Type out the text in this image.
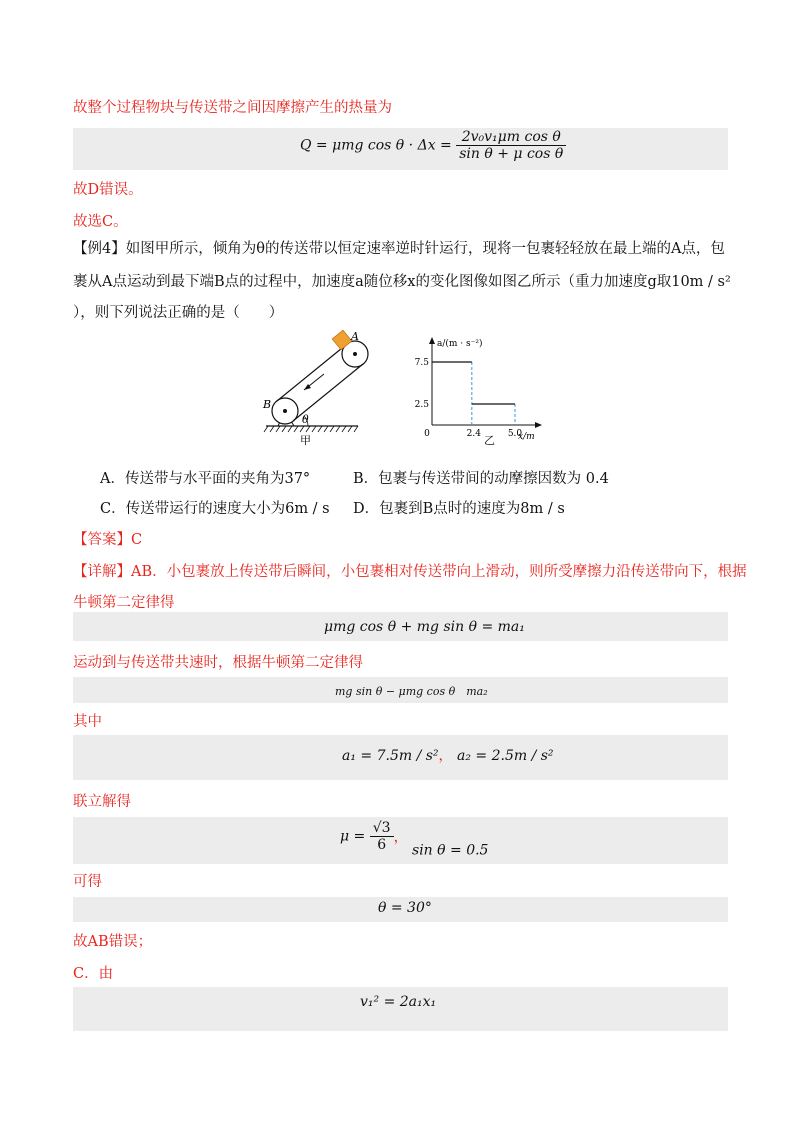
故整个过程物块与传送带之间因摩擦产生的热量为
Q = μmg $\cos \theta \cdot \Delta x = \frac{\text{2v₀v₁μm cos θ}}{\text{sin θ + μ cos θ}}$
故D错误。
故选C。
【例4】如图甲所示，倾角为θ的传送带以恒定速率逆时针运行，现将一包裹轻轻放在最上端的A点，包
裹从A点运动到最下端B点的过程中，加速度a随位移x的变化图像如图乙所示（重力加速度g取10m / s²
），则下列说法正确的是（　　）
A
B
θ
甲
a/(m · s⁻²)
x/m
7.5
2.5
0	2.4	5.0
乙
A．传送带与水平面的夹角为37°	B．包裹与传送带间的动摩擦因数为 0.4
C．传送带运行的速度大小为6m / s D．包裹到B点时的速度为8m / s
【答案】C
【详解】AB．小包裹放上传送带后瞬间，小包裹相对传送带向上滑动，则所受摩擦力沿传送带向下，根据
牛顿第二定律得
μmg cos θ + mg sin θ = ma₁
运动到与传送带共速时，根据牛顿第二定律得
mg sin θ − μmg cos θ　ma₂
其中
a₁ = 7.5m / s²， a₂ = 2.5m / s²
联立解得
$\mu = \frac{√3}{6}$ ， sin θ = 0.5
可得
θ = 30°
故AB错误；
C．由
v₁² = 2a₁x₁
